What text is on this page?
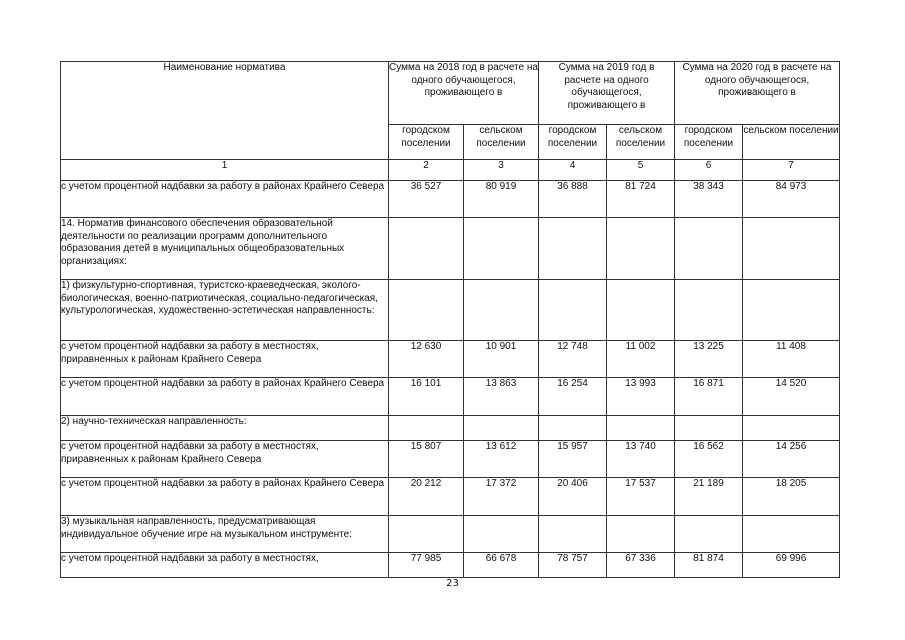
Наименование норматива	Сумма на 2018 год в расчете на одного обучающегося, проживающего в		Сумма на 2019 год в расчете на одного обучающегося, проживающего в		Сумма на 2020 год в расчете на одного обучающегося, проживающего в	
	городском поселении	сельском поселении	городском поселении	сельском поселении	городском поселении	сельском поселении
1	2	3	4	5	6	7
с учетом процентной надбавки за работу в районах Крайнего Севера	36 527	80 919	36 888	81 724	38 343	84 973
14. Норматив финансового обеспечения образовательной деятельности по реализации программ дополнительного образования детей в муниципальных общеобразовательных организациях:						
1) физкультурно-спортивная, туристско-краеведческая, эколого-биологическая, военно-патриотическая, социально-педагогическая, культурологическая, художественно-эстетическая направленность:						
с учетом процентной надбавки за работу в местностях, приравненных к районам Крайнего Севера	12 630	10 901	12 748	11 002	13 225	11 408
с учетом процентной надбавки за работу в районах Крайнего Севера	16 101	13 863	16 254	13 993	16 871	14 520
2) научно-техническая направленность:						
с учетом процентной надбавки за работу в местностях, приравненных к районам Крайнего Севера	15 807	13 612	15 957	13 740	16 562	14 256
с учетом процентной надбавки за работу в районах Крайнего Севера	20 212	17 372	20 406	17 537	21 189	18 205
3) музыкальная направленность, предусматривающая индивидуальное обучение игре на музыкальном инструменте:						
с учетом процентной надбавки за работу в местностях,	77 985	66 678	78 757	67 336	81 874	69 996
23
